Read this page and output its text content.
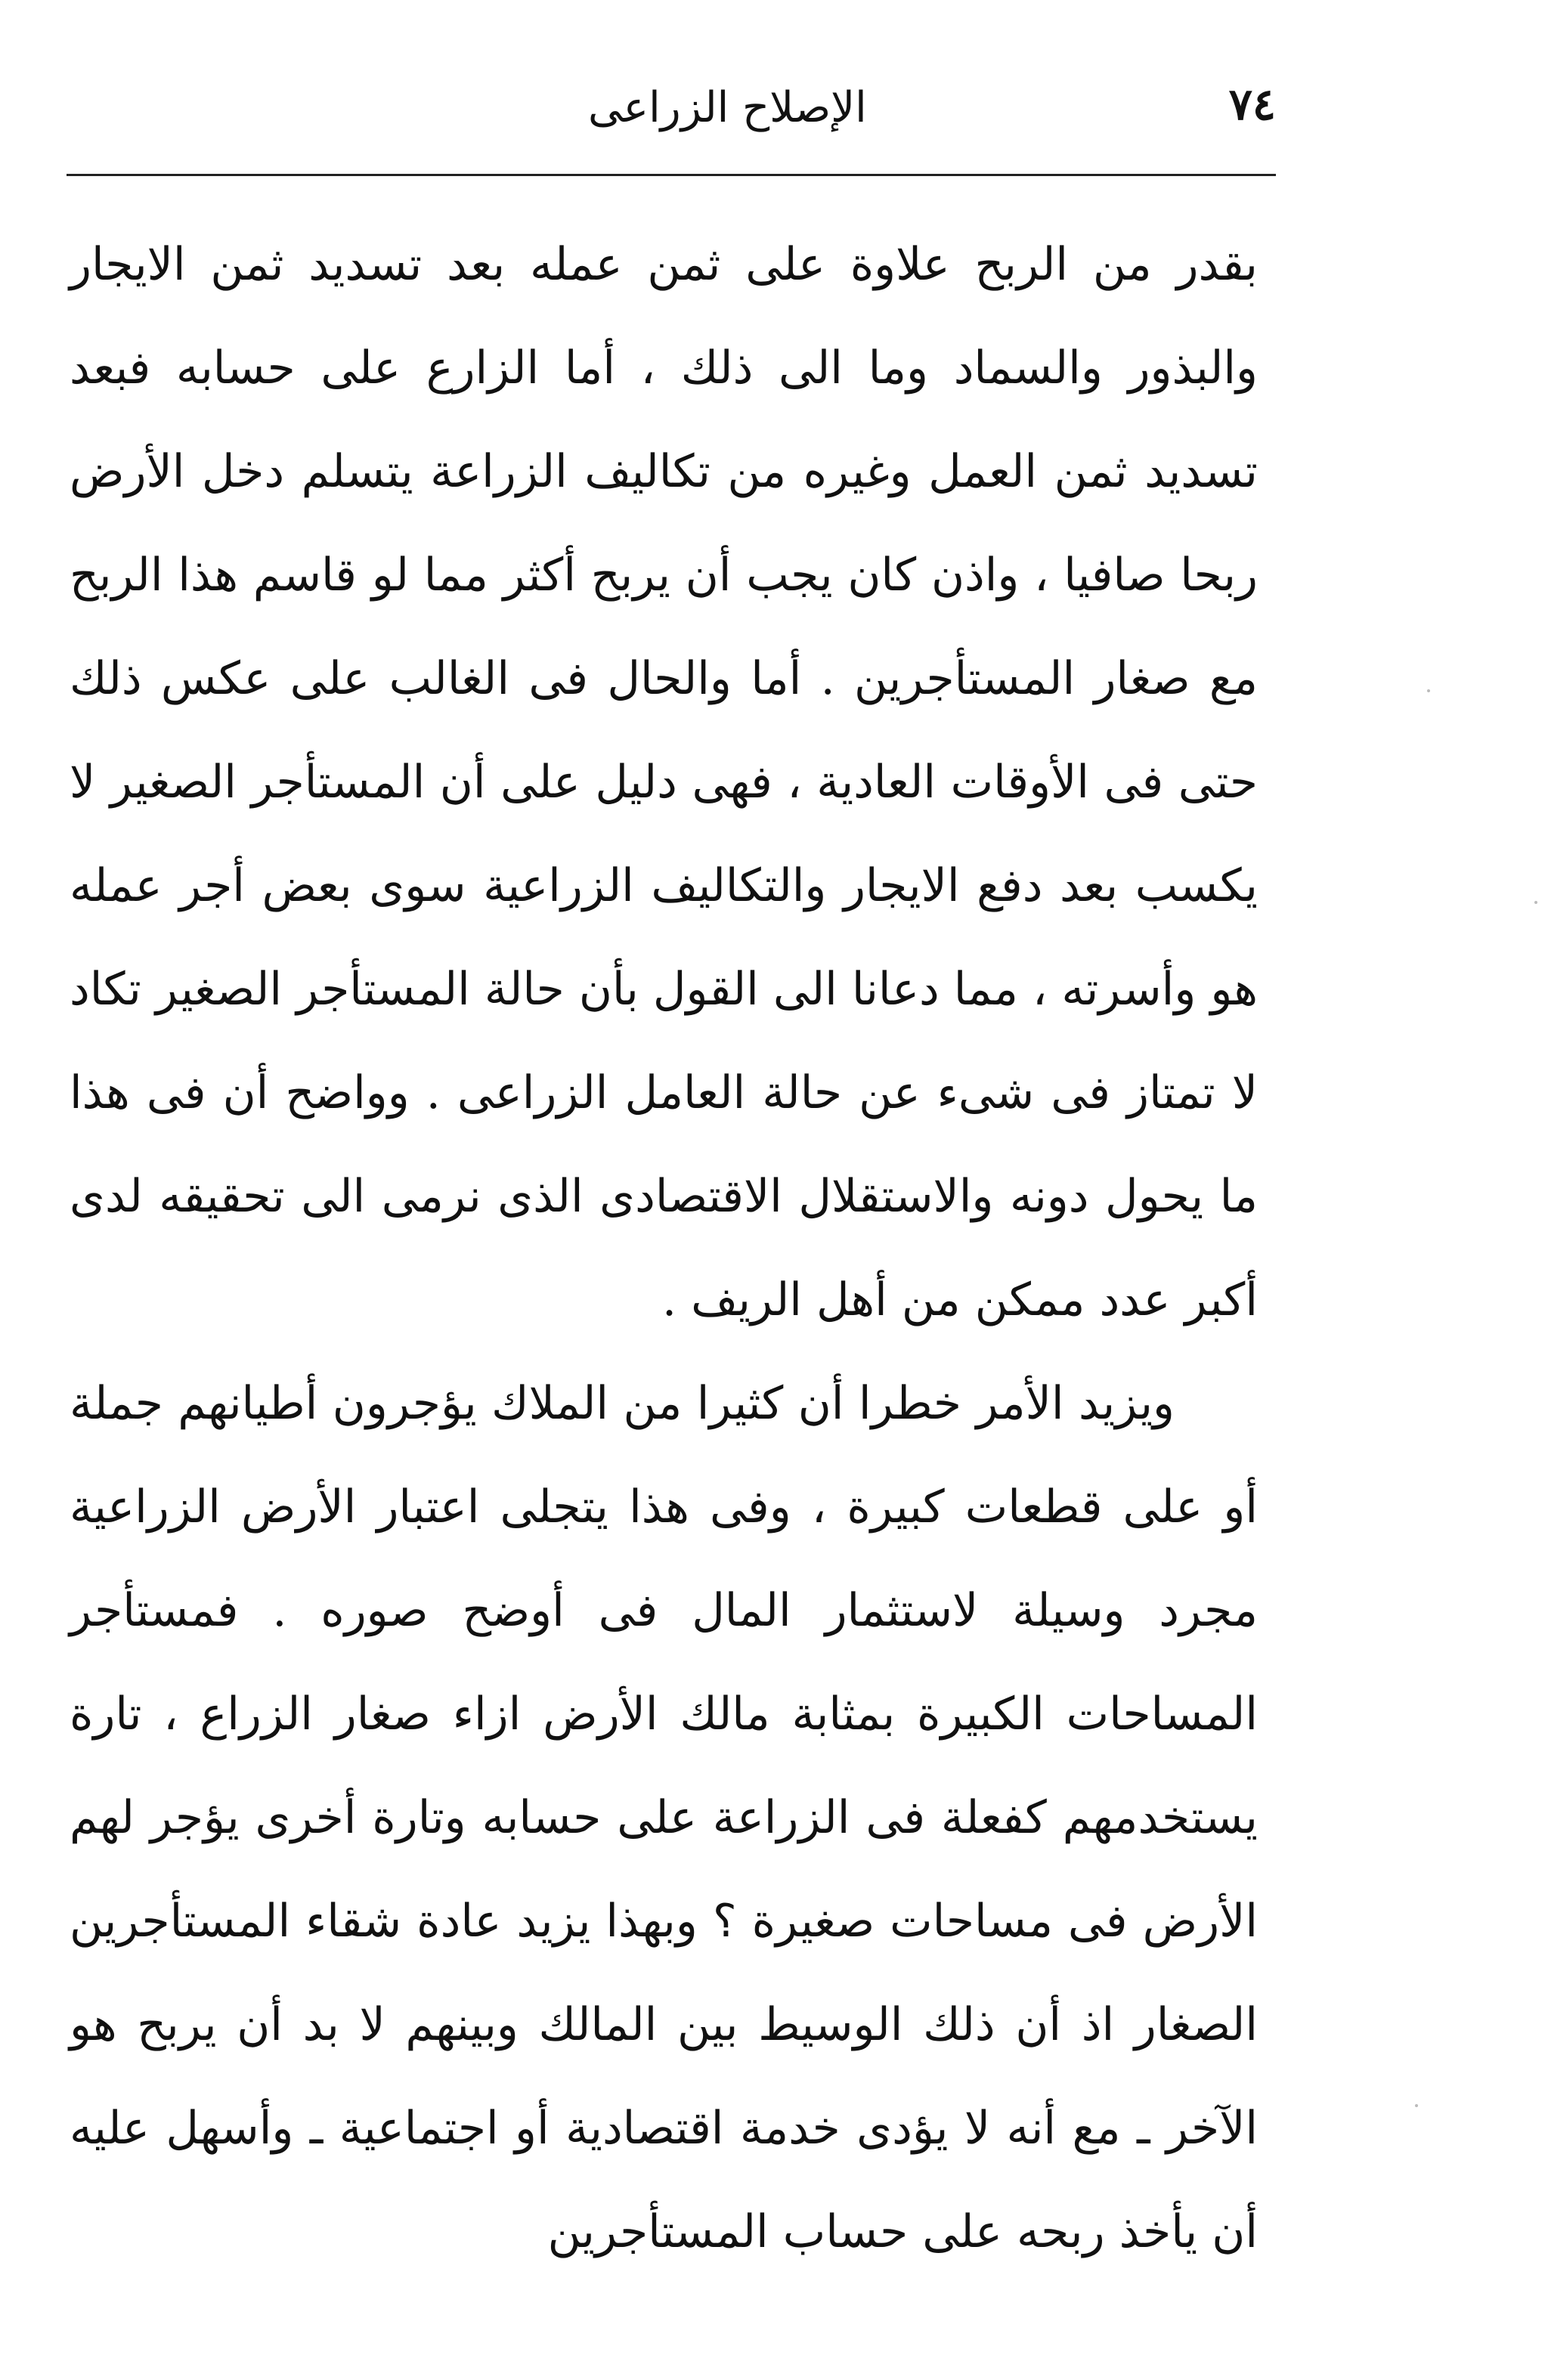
٧٤
الإصلاح الزراعى

بقدر من الربح علاوة على ثمن عمله بعد تسديد ثمن الايجار والبذور والسماد وما الى ذلك ، أما الزارع على حسابه فبعد تسديد ثمن العمل وغيره من تكاليف الزراعة يتسلم دخل الأرض ربحا صافيا ، واذن كان يجب أن يربح أكثر مما لو قاسم هذا الربح مع صغار المستأجرين . أما والحال فى الغالب على عكس ذلك حتى فى الأوقات العادية ، فهى دليل على أن المستأجر الصغير لا يكسب بعد دفع الايجار والتكاليف الزراعية سوى بعض أجر عمله هو وأسرته ، مما دعانا الى القول بأن حالة المستأجر الصغير تكاد لا تمتاز فى شىء عن حالة العامل الزراعى . وواضح أن فى هذا ما يحول دونه والاستقلال الاقتصادى الذى نرمى الى تحقيقه لدى أكبر عدد ممكن من أهل الريف .

ويزيد الأمر خطرا أن كثيرا من الملاك يؤجرون أطيانهم جملة أو على قطعات كبيرة ، وفى هذا يتجلى اعتبار الأرض الزراعية مجرد وسيلة لاستثمار المال فى أوضح صوره . فمستأجر المساحات الكبيرة بمثابة مالك الأرض ازاء صغار الزراع ، تارة يستخدمهم كفعلة فى الزراعة على حسابه وتارة أخرى يؤجر لهم الأرض فى مساحات صغيرة ؟ وبهذا يزيد عادة شقاء المستأجرين الصغار اذ أن ذلك الوسيط بين المالك وبينهم لا بد أن يربح هو الآخر ـ مع أنه لا يؤدى خدمة اقتصادية أو اجتماعية ـ وأسهل عليه أن يأخذ ربحه على حساب المستأجرين
